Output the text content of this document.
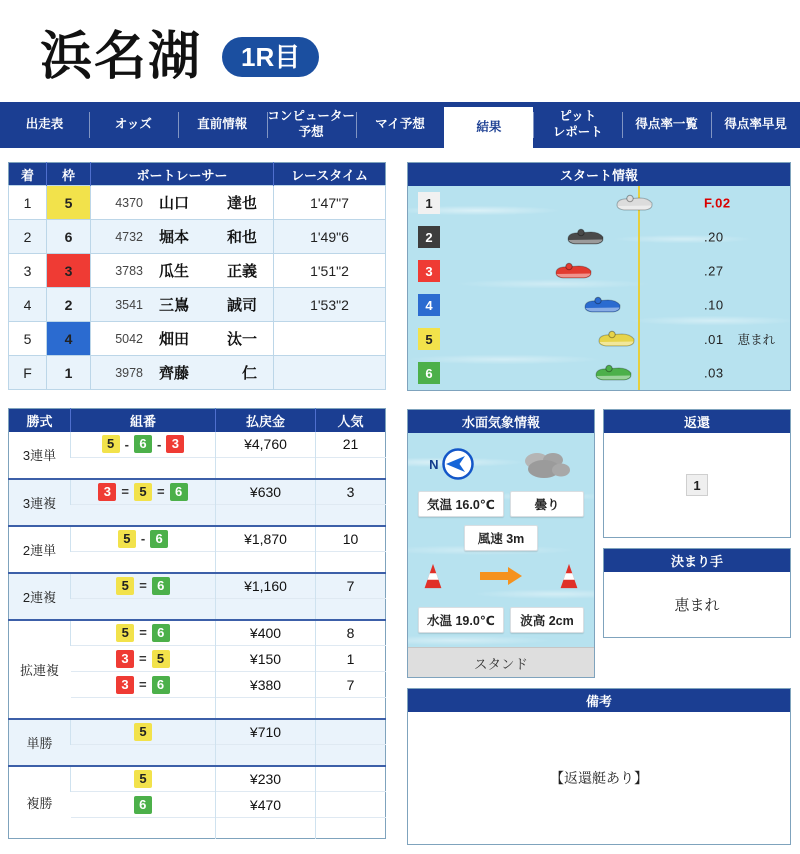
浜名湖	1R目
出走表	オッズ	直前情報
コンピューター
予想
マイ予想	結果
ピット
レポート
得点率一覧 得点率早見
着	枠	ボートレーサー	レースタイム
1	5	4370 山口 達也	1'47"7
2	6	4732 堀本 和也	1'49"6
3	3	3783 瓜生 正義	1'51"2
4	2	3541 三嶌 誠司	1'53"2
5	4	5042 畑田 汰一	

F	1	3978 齊藤 仁	

勝式	組番	払戻金	人気
3連単	5 - 6 - 3	¥4,760	21

3連複	3 = 5 = 6	¥630	3

2連単	5 - 6	¥1,870	10

2連複	5 = 6	¥1,160	7

拡連複	5 = 6	¥400	8
	3 = 5	¥150	1
	3 = 6	¥380	7

単勝	5	¥710	

複勝	5	¥230	
	6	¥470	

スタート情報
1	F.02
2	.20
3	.27
4	.10
5	.01 恵まれ
6	.03
水面気象情報
N
気温 16.0℃	曇り
風速 3m
水温 19.0℃	波高 2cm
スタンド
返還
1
決まり手
恵まれ
備考
【返還艇あり】
